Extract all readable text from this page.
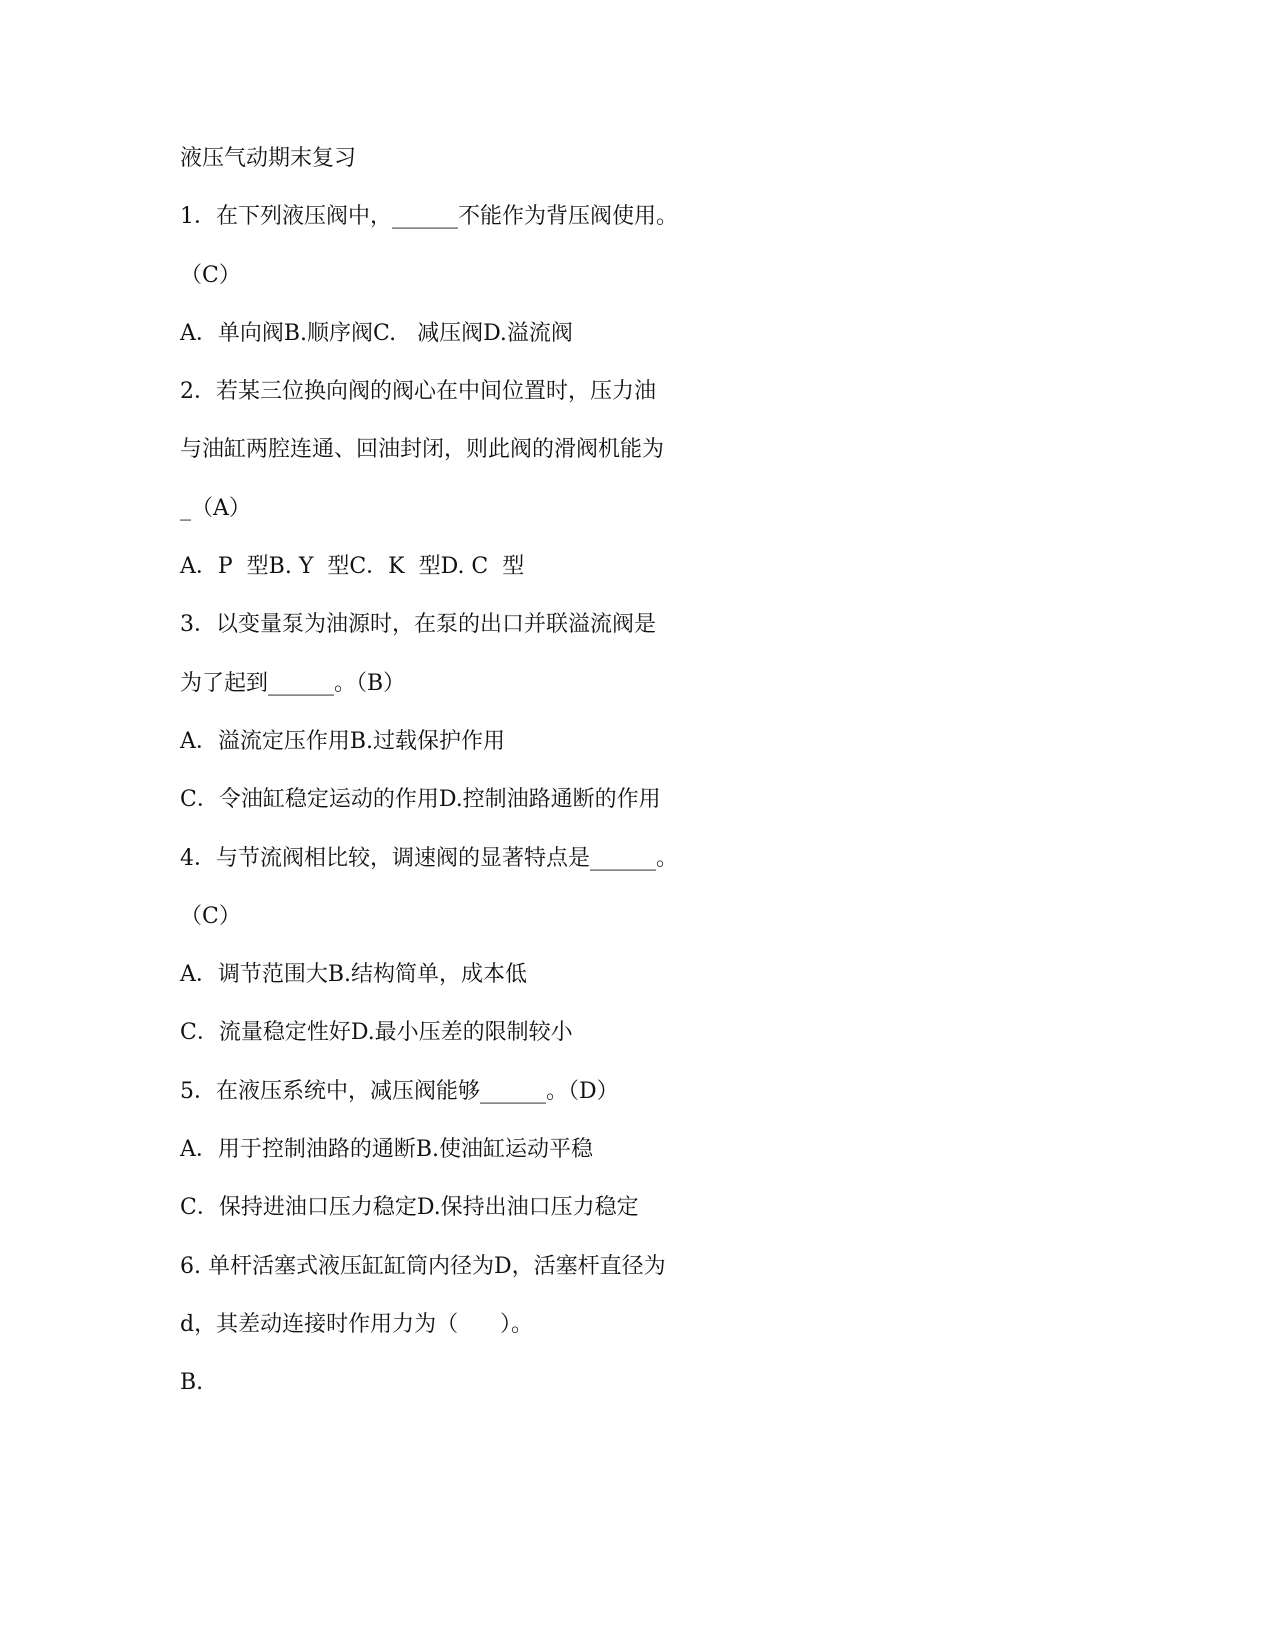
液压气动期末复习
1．在下列液压阀中，______不能作为背压阀使用。
（C）
A．单向阀B.顺序阀C.   减压阀D.溢流阀
2．若某三位换向阀的阀心在中间位置时，压力油
与油缸两腔连通、回油封闭，则此阀的滑阀机能为
_（A）
A．P  型B. Y  型C．K  型D. C  型
3．以变量泵为油源时，在泵的出口并联溢流阀是
为了起到______。（B）
A．溢流定压作用B.过载保护作用
C．令油缸稳定运动的作用D.控制油路通断的作用
4．与节流阀相比较，调速阀的显著特点是______。
（C）
A．调节范围大B.结构简单，成本低
C．流量稳定性好D.最小压差的限制较小
5．在液压系统中，减压阀能够______。（D）
A．用于控制油路的通断B.使油缸运动平稳
C．保持进油口压力稳定D.保持出油口压力稳定
6. 单杆活塞式液压缸缸筒内径为D，活塞杆直径为
d，其差动连接时作用力为（      ）。
B.
